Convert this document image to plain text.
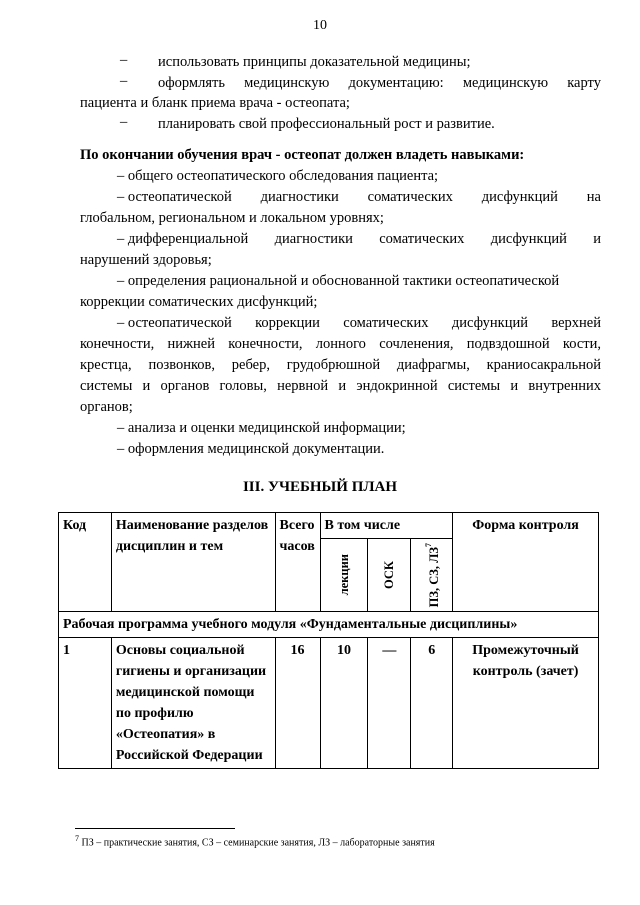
10
– использовать принципы доказательной медицины;
– оформлять медицинскую документацию: медицинскую карту
пациента и бланк приема врача - остеопата;
– планировать свой профессиональный рост и развитие.
По окончании обучения врач - остеопат должен владеть навыками:
– общего остеопатического обследования пациента;
– остеопатической диагностики соматических дисфункций на
глобальном, региональном и локальном уровнях;
– дифференциальной диагностики соматических дисфункций и
нарушений здоровья;
– определения рациональной и обоснованной тактики остеопатической
коррекции соматических дисфункций;
– остеопатической коррекции соматических дисфункций верхней
конечности, нижней конечности, лонного сочленения, подвздошной кости,
крестца, позвонков, ребер, грудобрюшной диафрагмы, краниосакральной
системы и органов головы, нервной и эндокринной системы и внутренних
органов;
– анализа и оценки медицинской информации;
– оформления медицинской документации.
III. УЧЕБНЫЙ ПЛАН
Код	Наименование разделов дисциплин и тем	Всего часов	В том числе			Форма контроля

			лекции	ОСК	ПЗ, СЗ, $ЛЗ^7$

Рабочая программа учебного модуля «Фундаментальные дисциплины»						
1	Основы социальной гигиены и организации медицинской помощи по профилю «Остеопатия» в Российской Федерации	16	10	—	6	Промежуточный контроль (зачет)
$^7$ ПЗ – практические занятия, СЗ – семинарские занятия, ЛЗ – лабораторные занятия
